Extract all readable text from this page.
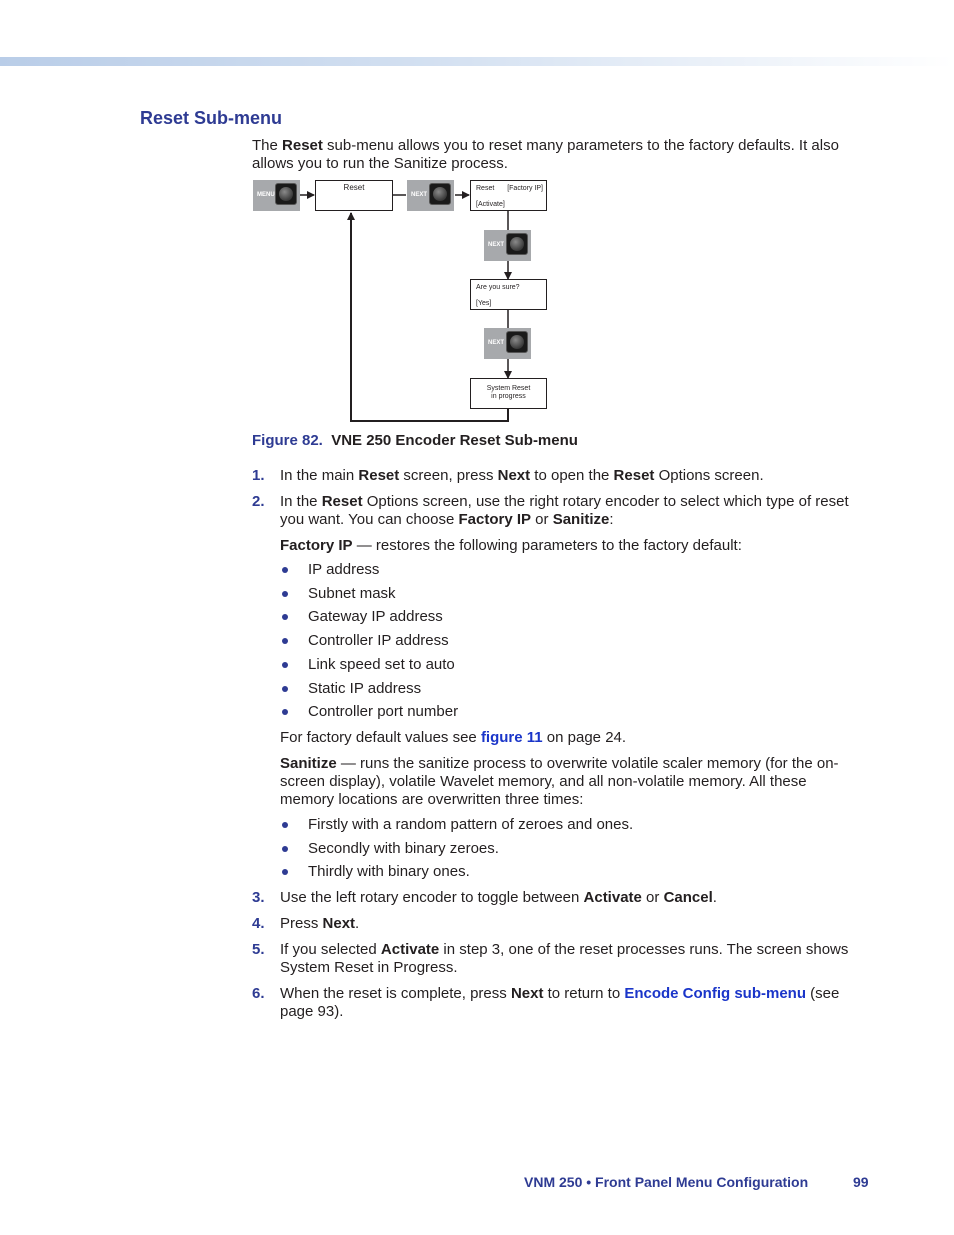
Reset Sub-menu

The Reset sub-menu allows you to reset many parameters to the factory defaults. It also allows you to run the Sanitize process.

MENU
Reset
NEXT
Reset [Factory IP]
[Activate]
NEXT
Are you sure?
[Yes]
NEXT
System Reset
in progress
Figure 82. VNE 250 Encoder Reset Sub-menu
1. In the main Reset screen, press Next to open the Reset Options screen.

2. In the Reset Options screen, use the right rotary encoder to select which type of reset you want. You can choose Factory IP or Sanitize:

Factory IP — restores the following parameters to the factory default:

IP address

Subnet mask

Gateway IP address

Controller IP address

Link speed set to auto

Static IP address

Controller port number

For factory default values see figure 11 on page 24.

Sanitize — runs the sanitize process to overwrite volatile scaler memory (for the on-screen display), volatile Wavelet memory, and all non-volatile memory. All these memory locations are overwritten three times:

Firstly with a random pattern of zeroes and ones.

Secondly with binary zeroes.

Thirdly with binary ones.

3. Use the left rotary encoder to toggle between Activate or Cancel.

4. Press Next.

5. If you selected Activate in step 3, one of the reset processes runs. The screen shows System Reset in Progress.

6. When the reset is complete, press Next to return to Encode Config sub-menu (see page 93).

VNM 250 • Front Panel Menu Configuration	99
